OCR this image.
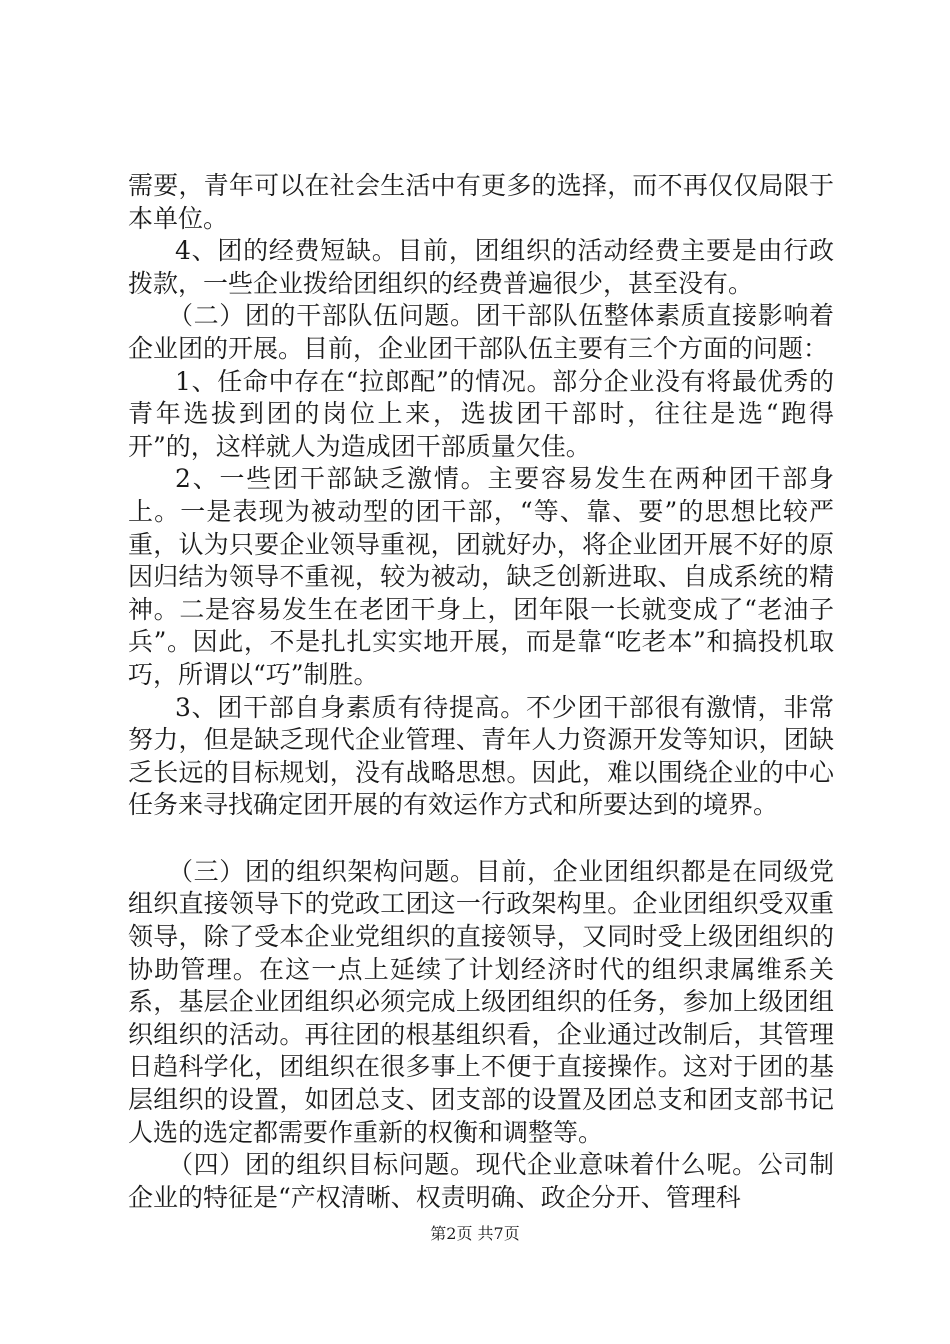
需要，青年可以在社会生活中有更多的选择，而不再仅仅局限于本单位。

4、团的经费短缺。目前，团组织的活动经费主要是由行政拨款，一些企业拨给团组织的经费普遍很少，甚至没有。

（二）团的干部队伍问题。团干部队伍整体素质直接影响着企业团的开展。目前，企业团干部队伍主要有三个方面的问题：

1、任命中存在“拉郎配”的情况。部分企业没有将最优秀的青年选拔到团的岗位上来，选拔团干部时，往往是选“跑得开”的，这样就人为造成团干部质量欠佳。

2、一些团干部缺乏激情。主要容易发生在两种团干部身上。一是表现为被动型的团干部，“等、靠、要”的思想比较严重，认为只要企业领导重视，团就好办，将企业团开展不好的原因归结为领导不重视，较为被动，缺乏创新进取、自成系统的精神。二是容易发生在老团干身上，团年限一长就变成了“老油子兵”。因此，不是扎扎实实地开展，而是靠“吃老本”和搞投机取巧，所谓以“巧”制胜。

3、团干部自身素质有待提高。不少团干部很有激情，非常努力，但是缺乏现代企业管理、青年人力资源开发等知识，团缺乏长远的目标规划，没有战略思想。因此，难以围绕企业的中心任务来寻找确定团开展的有效运作方式和所要达到的境界。

（三）团的组织架构问题。目前，企业团组织都是在同级党组织直接领导下的党政工团这一行政架构里。企业团组织受双重领导，除了受本企业党组织的直接领导，又同时受上级团组织的协助管理。在这一点上延续了计划经济时代的组织隶属维系关系，基层企业团组织必须完成上级团组织的任务，参加上级团组织组织的活动。再往团的根基组织看，企业通过改制后，其管理日趋科学化，团组织在很多事上不便于直接操作。这对于团的基层组织的设置，如团总支、团支部的设置及团总支和团支部书记人选的选定都需要作重新的权衡和调整等。

（四）团的组织目标问题。现代企业意味着什么呢。公司制企业的特征是“产权清晰、权责明确、政企分开、管理科

第2页 共7页
